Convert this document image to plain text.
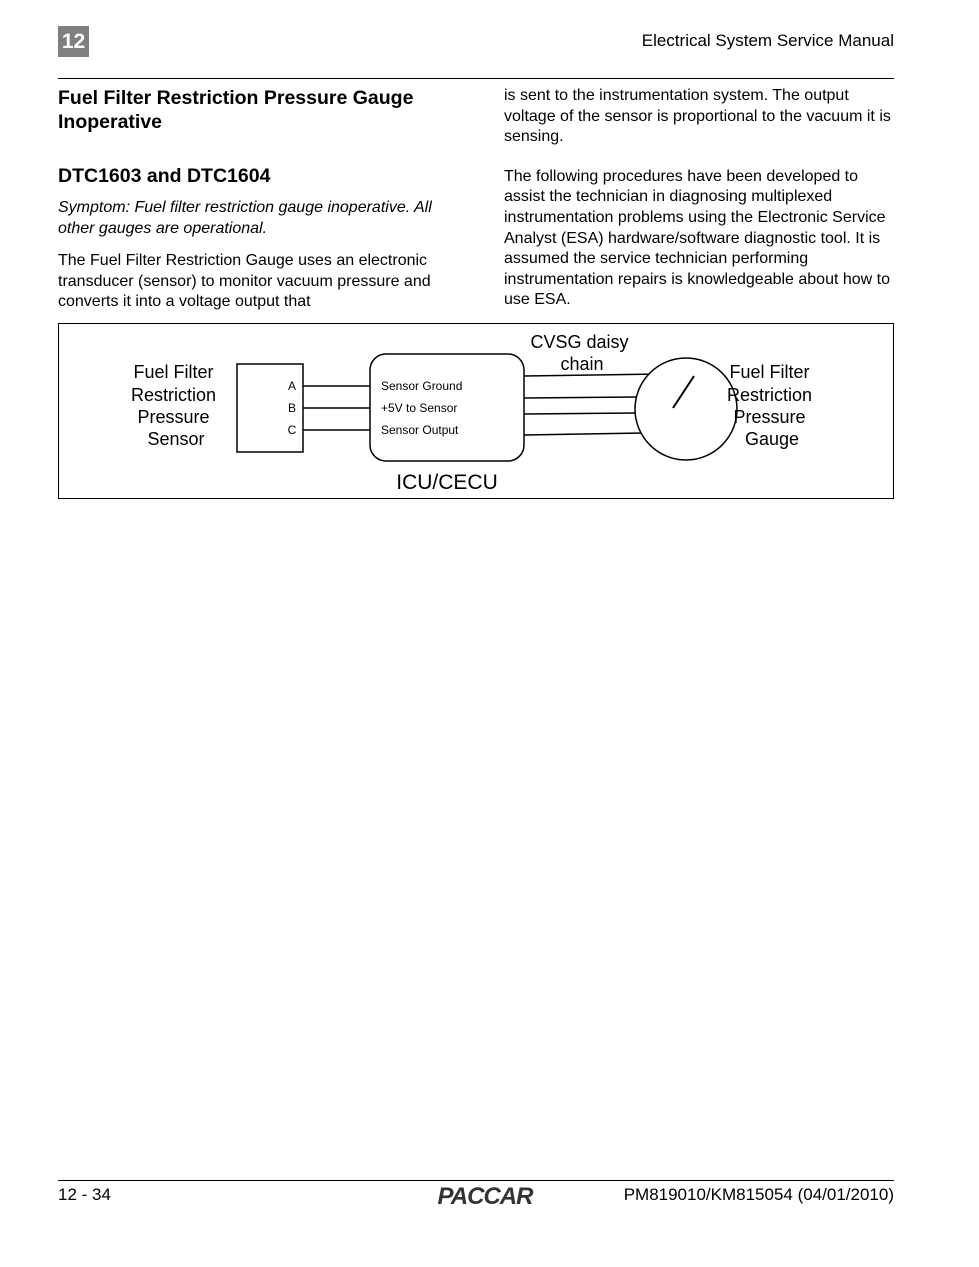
12	Electrical System Service Manual
Fuel Filter Restriction Pressure Gauge Inoperative
DTC1603 and DTC1604

Symptom: Fuel filter restriction gauge inoperative. All other gauges are operational.

The Fuel Filter Restriction Gauge uses an electronic transducer (sensor) to monitor vacuum pressure and converts it into a voltage output that

is sent to the instrumentation system. The output voltage of the sensor is proportional to the vacuum it is sensing.

The following procedures have been developed to assist the technician in diagnosing multiplexed instrumentation problems using the Electronic Service Analyst (ESA) hardware/software diagnostic tool. It is assumed the service technician performing instrumentation repairs is knowledgeable about how to use ESA.

Fuel Filter Restriction Pressure Sensor
A
B
C
Sensor Ground
+5V to Sensor
Sensor Output
ICU/CECU
CVSG daisy chain	Fuel Filter Restriction Pressure Gauge
12 - 34	PACCAR	PM819010/KM815054 (04/01/2010)
